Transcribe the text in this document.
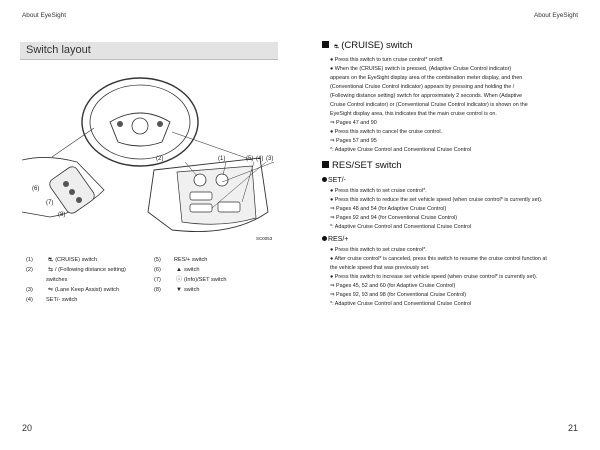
About EyeSight	About EyeSight
Switch layout
(2)	(1)	(5) (4) (3)
(6)
(7)
(8)
SC0053
(1)	⛐ (CRUISE) switch
(2)	⇆ / (Following distance setting)
switches
(3)	⇋ (Lane Keep Assist) switch
(4) SET/- switch
(5) RES/+ switch
(6)	▲ switch
(7)	ⓘ (Info)/SET switch
(8)	▼ switch
⛐ (CRUISE) switch
● Press this switch to turn cruise control* on/off.
● When the (CRUISE) switch is pressed, (Adaptive Cruise Control indicator)
appears on the EyeSight display area of the combination meter display, and then
(Conventional Cruise Control indicator) appears by pressing and holding the /
(Following distance setting) switch for approximately 2 seconds. When (Adaptive
Cruise Control indicator) or (Conventional Cruise Control indicator) is shown on the
EyeSight display area, this indicates that the main cruise control is on.
⇒ Pages 47 and 90
● Press this switch to cancel the cruise control.
⇒ Pages 57 and 95
*: Adaptive Cruise Control and Conventional Cruise Control
RES/SET switch
SET/-
● Press this switch to set cruise control*.
● Press this switch to reduce the set vehicle speed (when cruise control* is currently set).
⇒ Pages 48 and 54 (for Adaptive Cruise Control)
⇒ Pages 92 and 94 (for Conventional Cruise Control)
*: Adaptive Cruise Control and Conventional Cruise Control
RES/+
● Press this switch to set cruise control*.
● After cruise control* is canceled, press this switch to resume the cruise control function at
the vehicle speed that was previously set.
● Press this switch to increase set vehicle speed (when cruise control* is currently set).
⇒ Pages 45, 52 and 60 (for Adaptive Cruise Control)
⇒ Pages 92, 93 and 98 (for Conventional Cruise Control)
*: Adaptive Cruise Control and Conventional Cruise Control
20	21
